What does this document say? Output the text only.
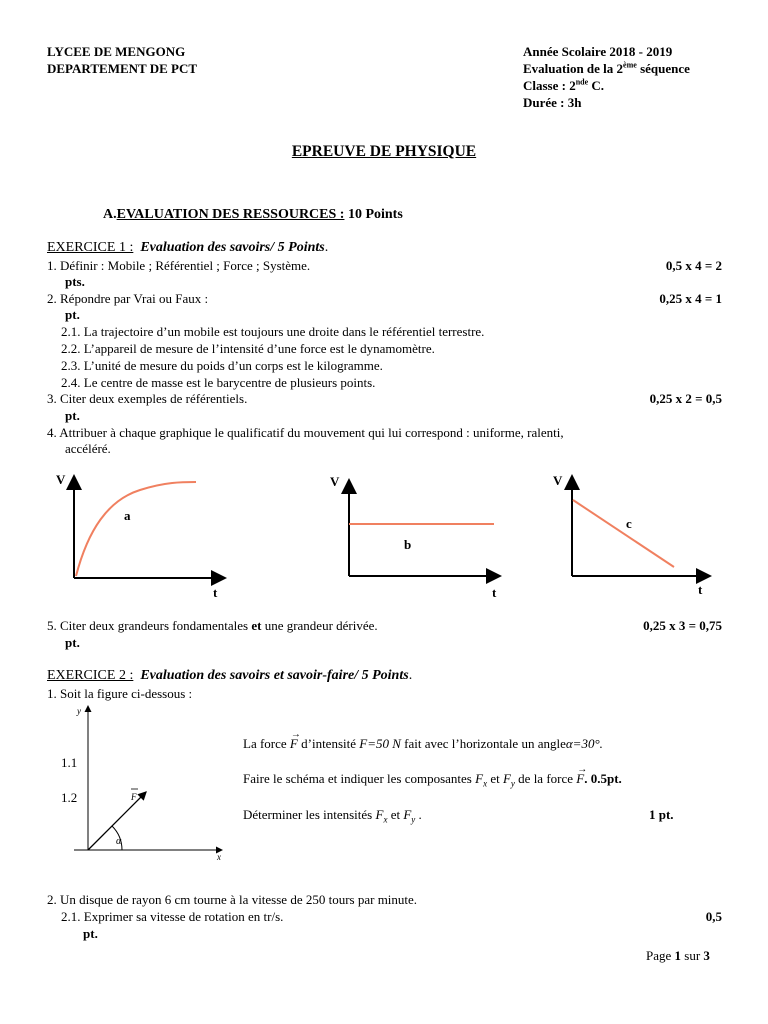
LYCEE DE MENGONG
DEPARTEMENT DE PCT
Année Scolaire 2018 - 2019
Evaluation de la 2ème séquence
Classe : 2nde C.
Durée : 3h
EPREUVE DE PHYSIQUE
A.EVALUATION DES RESSOURCES : 10 Points
EXERCICE 1 : Evaluation des savoirs/ 5 Points.
1. Définir : Mobile ; Référentiel ; Force ; Système.	0,5 x 4 = 2
pts.
2. Répondre par Vrai ou Faux :	0,25 x 4 = 1
pt.
2.1. La trajectoire d’un mobile est toujours une droite dans le référentiel terrestre.
2.2. L’appareil de mesure de l’intensité d’une force est le dynamomètre.
2.3. L’unité de mesure du poids d’un corps est le kilogramme.
2.4. Le centre de masse est le barycentre de plusieurs points.
3. Citer deux exemples de référentiels.	0,25 x 2 = 0,5
pt.
4. Attribuer à chaque graphique le qualificatif du mouvement qui lui correspond : uniforme, ralenti,
accéléré.
V
t
a
V
t
b
V
t
c
5. Citer deux grandeurs fondamentales et une grandeur dérivée.	0,25 x 3 = 0,75
pt.
EXERCICE 2 : Evaluation des savoirs et savoir-faire/ 5 Points.
1. Soit la figure ci-dessous :
y
x
F
α
La force
→
F d’intensité F=50 N fait avec l’horizontale un angleα=30°.
1.1
Faire le schéma et indiquer les composantes $F_x$ et $F_y$ de la force
→
F. 0.5pt.
1.2
Déterminer les intensités $F_x$ et $F_y$ .	1 pt.
2. Un disque de rayon 6 cm tourne à la vitesse de 250 tours par minute.
2.1. Exprimer sa vitesse de rotation en tr/s.	0,5
pt.
Page 1 sur 3
